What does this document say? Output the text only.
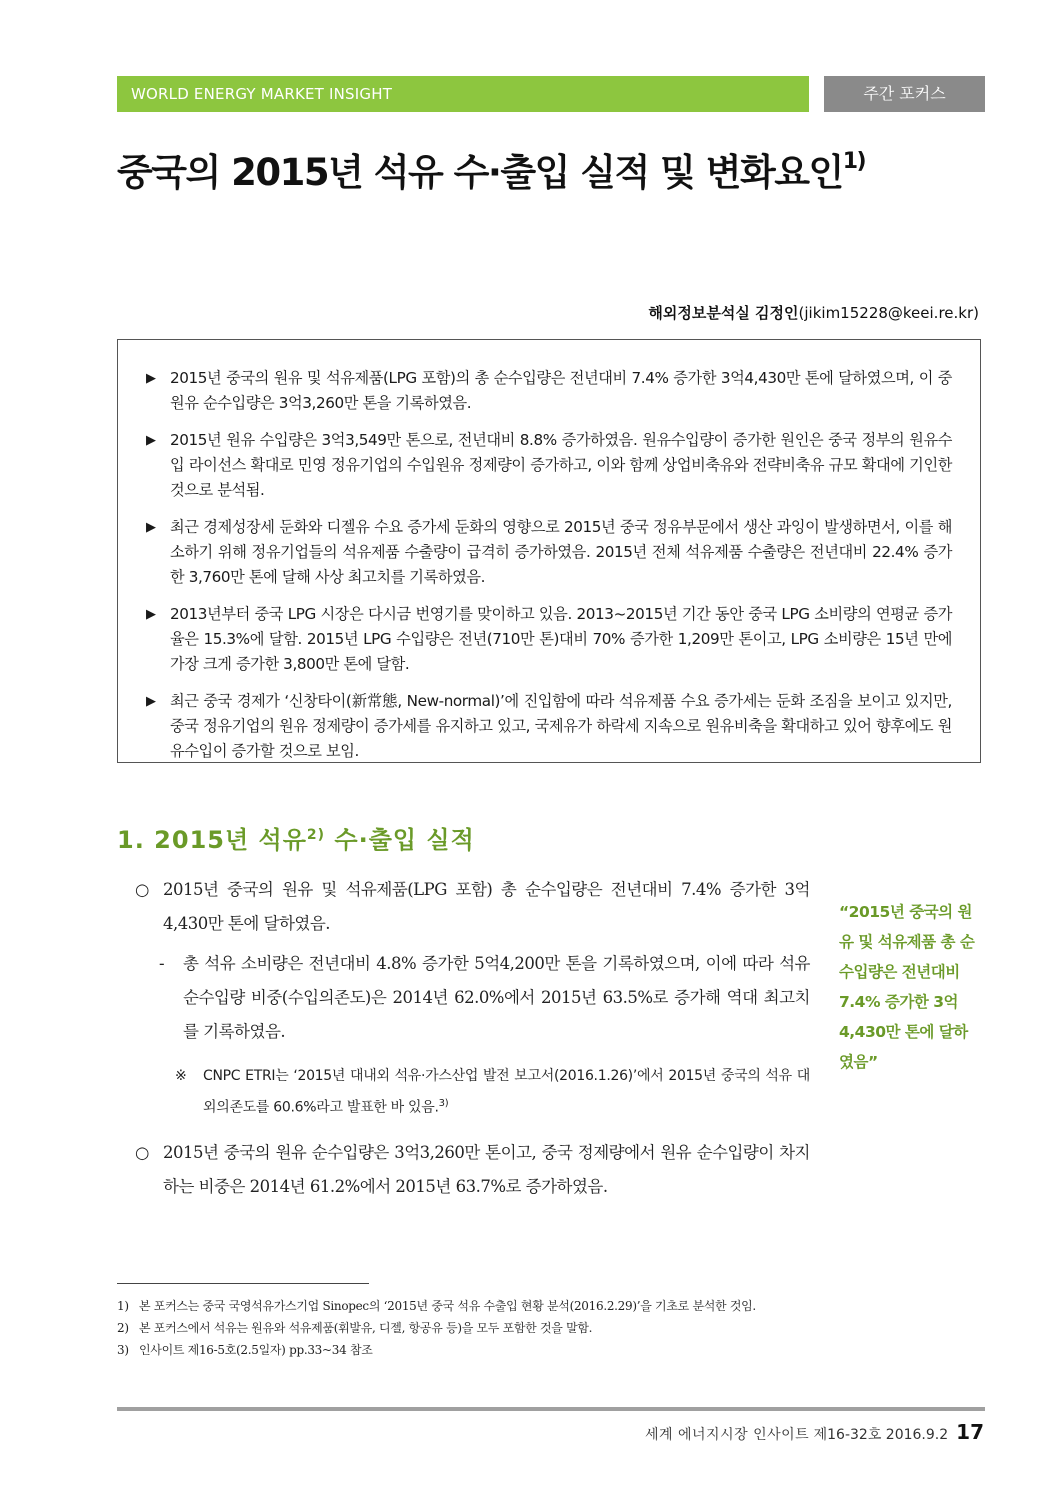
WORLD ENERGY MARKET INSIGHT	주간 포커스
중국의 2015년 석유 수·출입 실적 및 변화요인$^{1)}$
해외정보분석실 김정인(jikim15228@keei.re.kr)
▶ 2015년 중국의 원유 및 석유제품(LPG 포함)의 총 순수입량은 전년대비 7.4% 증가한 3억4,430만 톤에 달하였으며, 이 중 원유 순수입량은 3억3,260만 톤을 기록하였음.
▶ 2015년 원유 수입량은 3억3,549만 톤으로, 전년대비 8.8% 증가하였음. 원유수입량이 증가한 원인은 중국 정부의 원유수입 라이선스 확대로 민영 정유기업의 수입원유 정제량이 증가하고, 이와 함께 상업비축유와 전략비축유 규모 확대에 기인한 것으로 분석됨.
▶ 최근 경제성장세 둔화와 디젤유 수요 증가세 둔화의 영향으로 2015년 중국 정유부문에서 생산 과잉이 발생하면서, 이를 해소하기 위해 정유기업들의 석유제품 수출량이 급격히 증가하였음. 2015년 전체 석유제품 수출량은 전년대비 22.4% 증가한 3,760만 톤에 달해 사상 최고치를 기록하였음.
▶ 2013년부터 중국 LPG 시장은 다시금 번영기를 맞이하고 있음. 2013~2015년 기간 동안 중국 LPG 소비량의 연평균 증가율은 15.3%에 달함. 2015년 LPG 수입량은 전년(710만 톤)대비 70% 증가한 1,209만 톤이고, LPG 소비량은 15년 만에 가장 크게 증가한 3,800만 톤에 달함.
▶ 최근 중국 경제가 ‘신창타이(新常態, New-normal)’에 진입함에 따라 석유제품 수요 증가세는 둔화 조짐을 보이고 있지만, 중국 정유기업의 원유 정제량이 증가세를 유지하고 있고, 국제유가 하락세 지속으로 원유비축을 확대하고 있어 향후에도 원유수입이 증가할 것으로 보임.
1. 2015년 석유$^{2)}$ 수·출입 실적
○ 2015년 중국의 원유 및 석유제품(LPG 포함) 총 순수입량은 전년대비 7.4% 증가한 3억4,430만 톤에 달하였음.
- 총 석유 소비량은 전년대비 4.8% 증가한 5억4,200만 톤을 기록하였으며, 이에 따라 석유 순수입량 비중(수입의존도)은 2014년 62.0%에서 2015년 63.5%로 증가해 역대 최고치를 기록하였음.
※ CNPC ETRI는 ‘2015년 대내외 석유·가스산업 발전 보고서(2016.1.26)’에서 2015년 중국의 석유 대외의존도를 60.6%라고 발표한 바 있음.$^{3)}$
○ 2015년 중국의 원유 순수입량은 3억3,260만 톤이고, 중국 정제량에서 원유 순수입량이 차지하는 비중은 2014년 61.2%에서 2015년 63.7%로 증가하였음.
“2015년 중국의 원유 및 석유제품 총 순수입량은 전년대비 7.4% 증가한 3억4,430만 톤에 달하였음”
1) 본 포커스는 중국 국영석유가스기업 Sinopec의 ‘2015년 중국 석유 수출입 현황 분석(2016.2.29)’을 기초로 분석한 것임.
2) 본 포커스에서 석유는 원유와 석유제품(휘발유, 디젤, 항공유 등)을 모두 포함한 것을 말함.
3) 인사이트 제16-5호(2.5일자) pp.33~34 참조
세계 에너지시장 인사이트 제16-32호 2016.9.2 17
